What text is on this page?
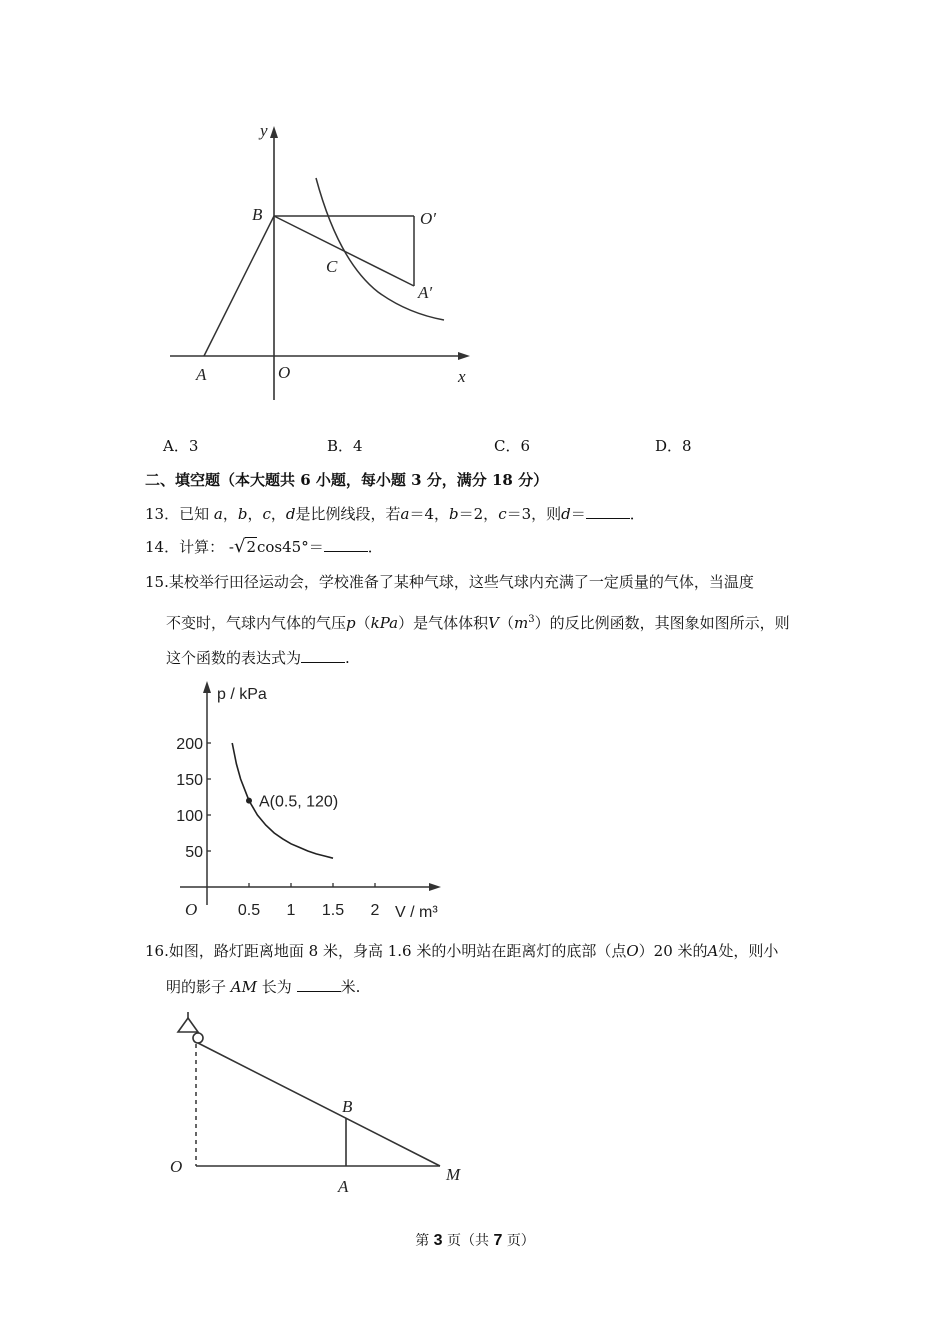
y
x
B	O′
C
A′
A	O
A．3	B．4	C．6	D．8
二、填空题（本大题共 6 小题，每小题 3 分，满分 18 分）
13．已知 a，b，c，d是比例线段，若a＝4，b＝2，c＝3，则d＝	．
14．计算： -√2cos45°＝	．
15.某校举行田径运动会，学校准备了某种气球，这些气球内充满了一定质量的气体，当温度
不变时，气球内气体的气压p（kPa）是气体体积$V(m^3)$的反比例函数，其图象如图所示，则
这个函数的表达式为	.
p / kPa
V / m³
O	0.5 1 1.5 2
50
100
150
200
A(0.5, 120)
16.如图，路灯距离地面 8 米，身高 1.6 米的小明站在距离灯的底部（点O）20 米的A处，则小
明的影子 AM 长为	米.
B
O
A
M
第 3 页（共 7 页）
